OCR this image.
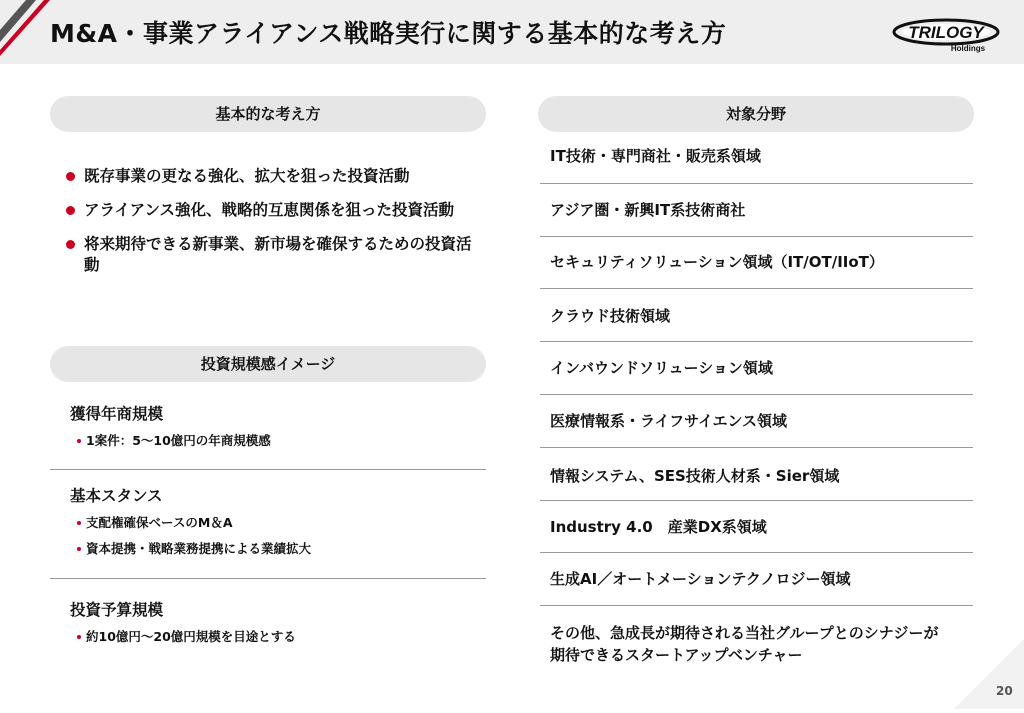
M&A・事業アライアンス戦略実行に関する基本的な考え方	TRILOGY
Holdings
基本的な考え方
既存事業の更なる強化、拡大を狙った投資活動
アライアンス強化、戦略的互恵関係を狙った投資活動
将来期待できる新事業、新市場を確保するための投資活動
投資規模感イメージ
獲得年商規模
1案件：5〜10億円の年商規模感
基本スタンス
支配権確保ベースのM＆A
資本提携・戦略業務提携による業績拡大
投資予算規模
約10億円〜20億円規模を目途とする
対象分野
IT技術・専門商社・販売系領域
アジア圏・新興IT系技術商社
セキュリティソリューション領域（IT/OT/IIoT）
クラウド技術領域
インバウンドソリューション領域
医療情報系・ライフサイエンス領域
情報システム、SES技術人材系・Sier領域
Industry 4.0　産業DX系領域
生成AI／オートメーションテクノロジー領域
その他、急成長が期待される当社グループとのシナジーが期待できるスタートアップベンチャー
20
